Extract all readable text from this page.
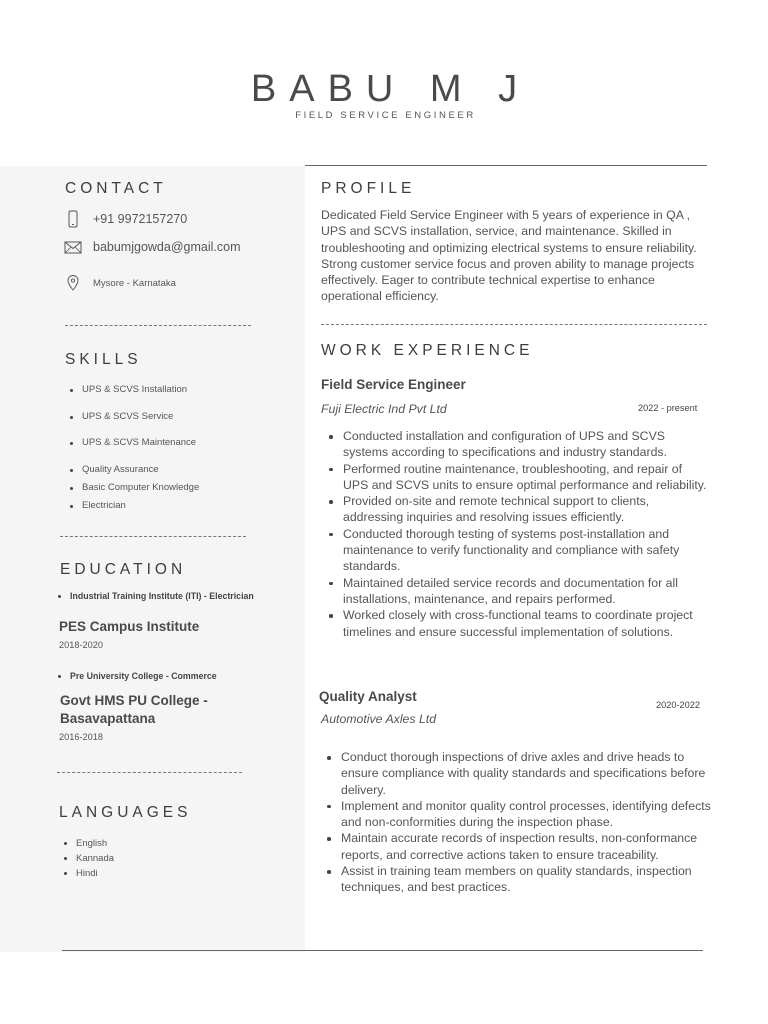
BABU M J
FIELD SERVICE ENGINEER
CONTACT
+91 9972157270
babumjgowda@gmail.com
Mysore - Karnataka
SKILLS
UPS & SCVS Installation
UPS & SCVS Service
UPS & SCVS Maintenance
Quality Assurance
Basic Computer Knowledge
Electrician
EDUCATION
Industrial Training Institute (ITI) - Electrician
PES Campus Institute
2018-2020
Pre University College - Commerce
Govt HMS PU College - Basavapattana
2016-2018
LANGUAGES
English
Kannada
Hindi
PROFILE
Dedicated Field Service Engineer with 5 years of experience in QA , UPS and SCVS installation, service, and maintenance. Skilled in troubleshooting and optimizing electrical systems to ensure reliability. Strong customer service focus and proven ability to manage projects effectively. Eager to contribute technical expertise to enhance operational efficiency.
WORK EXPERIENCE
Field Service Engineer
Fuji Electric Ind Pvt Ltd	2022 - present
Conducted installation and configuration of UPS and SCVS systems according to specifications and industry standards.
Performed routine maintenance, troubleshooting, and repair of UPS and SCVS units to ensure optimal performance and reliability.
Provided on-site and remote technical support to clients, addressing inquiries and resolving issues efficiently.
Conducted thorough testing of systems post-installation and maintenance to verify functionality and compliance with safety standards.
Maintained detailed service records and documentation for all installations, maintenance, and repairs performed.
Worked closely with cross-functional teams to coordinate project timelines and ensure successful implementation of solutions.
Quality Analyst
2020-2022
Automotive Axles Ltd
Conduct thorough inspections of drive axles and drive heads to ensure compliance with quality standards and specifications before delivery.
Implement and monitor quality control processes, identifying defects and non-conformities during the inspection phase.
Maintain accurate records of inspection results, non-conformance reports, and corrective actions taken to ensure traceability.
Assist in training team members on quality standards, inspection techniques, and best practices.
